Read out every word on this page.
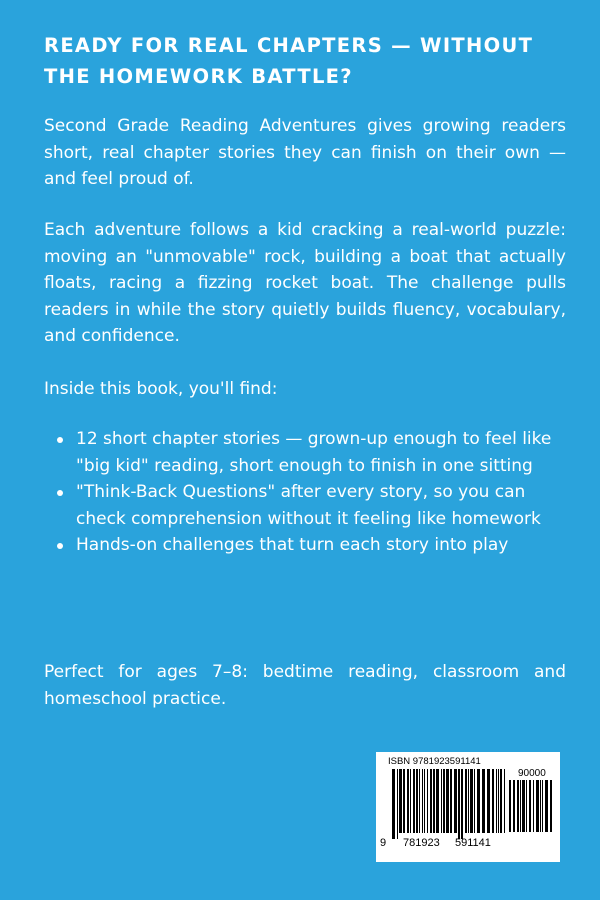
READY FOR REAL CHAPTERS — WITHOUT THE HOMEWORK BATTLE?
Second Grade Reading Adventures gives growing readers short, real chapter stories they can finish on their own — and feel proud of.
Each adventure follows a kid cracking a real-world puzzle: moving an "unmovable" rock, building a boat that actually floats, racing a fizzing rocket boat. The challenge pulls readers in while the story quietly builds fluency, vocabulary, and confidence.
Inside this book, you'll find:
12 short chapter stories — grown-up enough to feel like "big kid" reading, short enough to finish in one sitting
"Think-Back Questions" after every story, so you can check comprehension without it feeling like homework
Hands-on challenges that turn each story into play
Perfect for ages 7–8: bedtime reading, classroom and homeschool practice.
ISBN 9781923591141
90000
9 781923 591141
